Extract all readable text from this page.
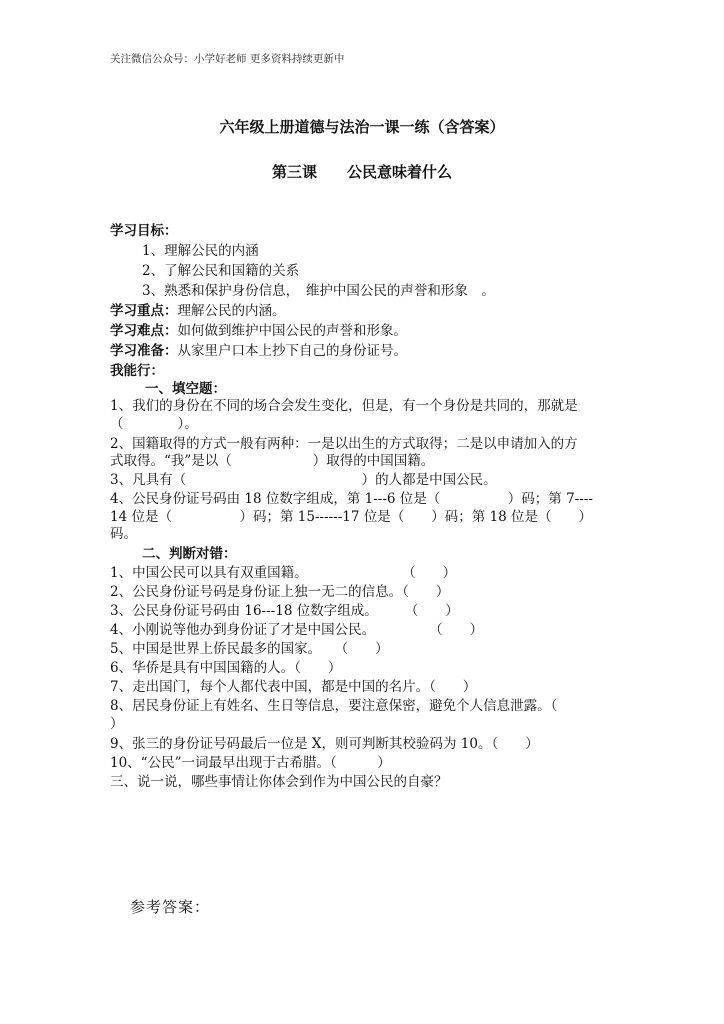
关注微信公众号：小学好老师 更多资料持续更新中
六年级上册道德与法治一课一练（含答案）
第三课　　公民意味着什么
学习目标：
1、理解公民的内涵
2、了解公民和国籍的关系
3、熟悉和保护身份信息，　维护中国公民的声誉和形象　。
学习重点：理解公民的内涵。
学习难点：如何做到维护中国公民的声誉和形象。
学习准备：从家里户口本上抄下自己的身份证号。
我能行：
一、填空题：
1、我们的身份在不同的场合会发生变化，但是，有一个身份是共同的，那就是
（　　　　）。
2、国籍取得的方式一般有两种：一是以出生的方式取得；二是以申请加入的方
式取得。“我”是以（　　　　　　）取得的中国国籍。
3、凡具有（　　　　　　　　　　　　　）的人都是中国公民。
4、公民身份证号码由 18 位数字组成，第 1---6 位是（　　　　　）码；第 7----
14 位是（　　　　　）码；第 15------17 位是（　　）码；第 18 位是（　　）
码。
二、判断对错：
1、中国公民可以具有双重国籍。　　　　　　　　（　　）
2、公民身份证号码是身份证上独一无二的信息。（　　）
3、公民身份证号码由 16---18 位数字组成。　　　（　　）
4、小刚说等他办到身份证了才是中国公民。　　　　　（　　）
5、中国是世界上侨民最多的国家。　　（　　）
6、华侨是具有中国国籍的人。（　　）
7、走出国门，每个人都代表中国，都是中国的名片。（　　）
8、居民身份证上有姓名、生日等信息，要注意保密，避免个人信息泄露。（
）
9、张三的身份证号码最后一位是 X，则可判断其校验码为 10。（　　）
10、“公民”一词最早出现于古希腊。（　　　）
三、说一说，哪些事情让你体会到作为中国公民的自豪？
参考答案：
